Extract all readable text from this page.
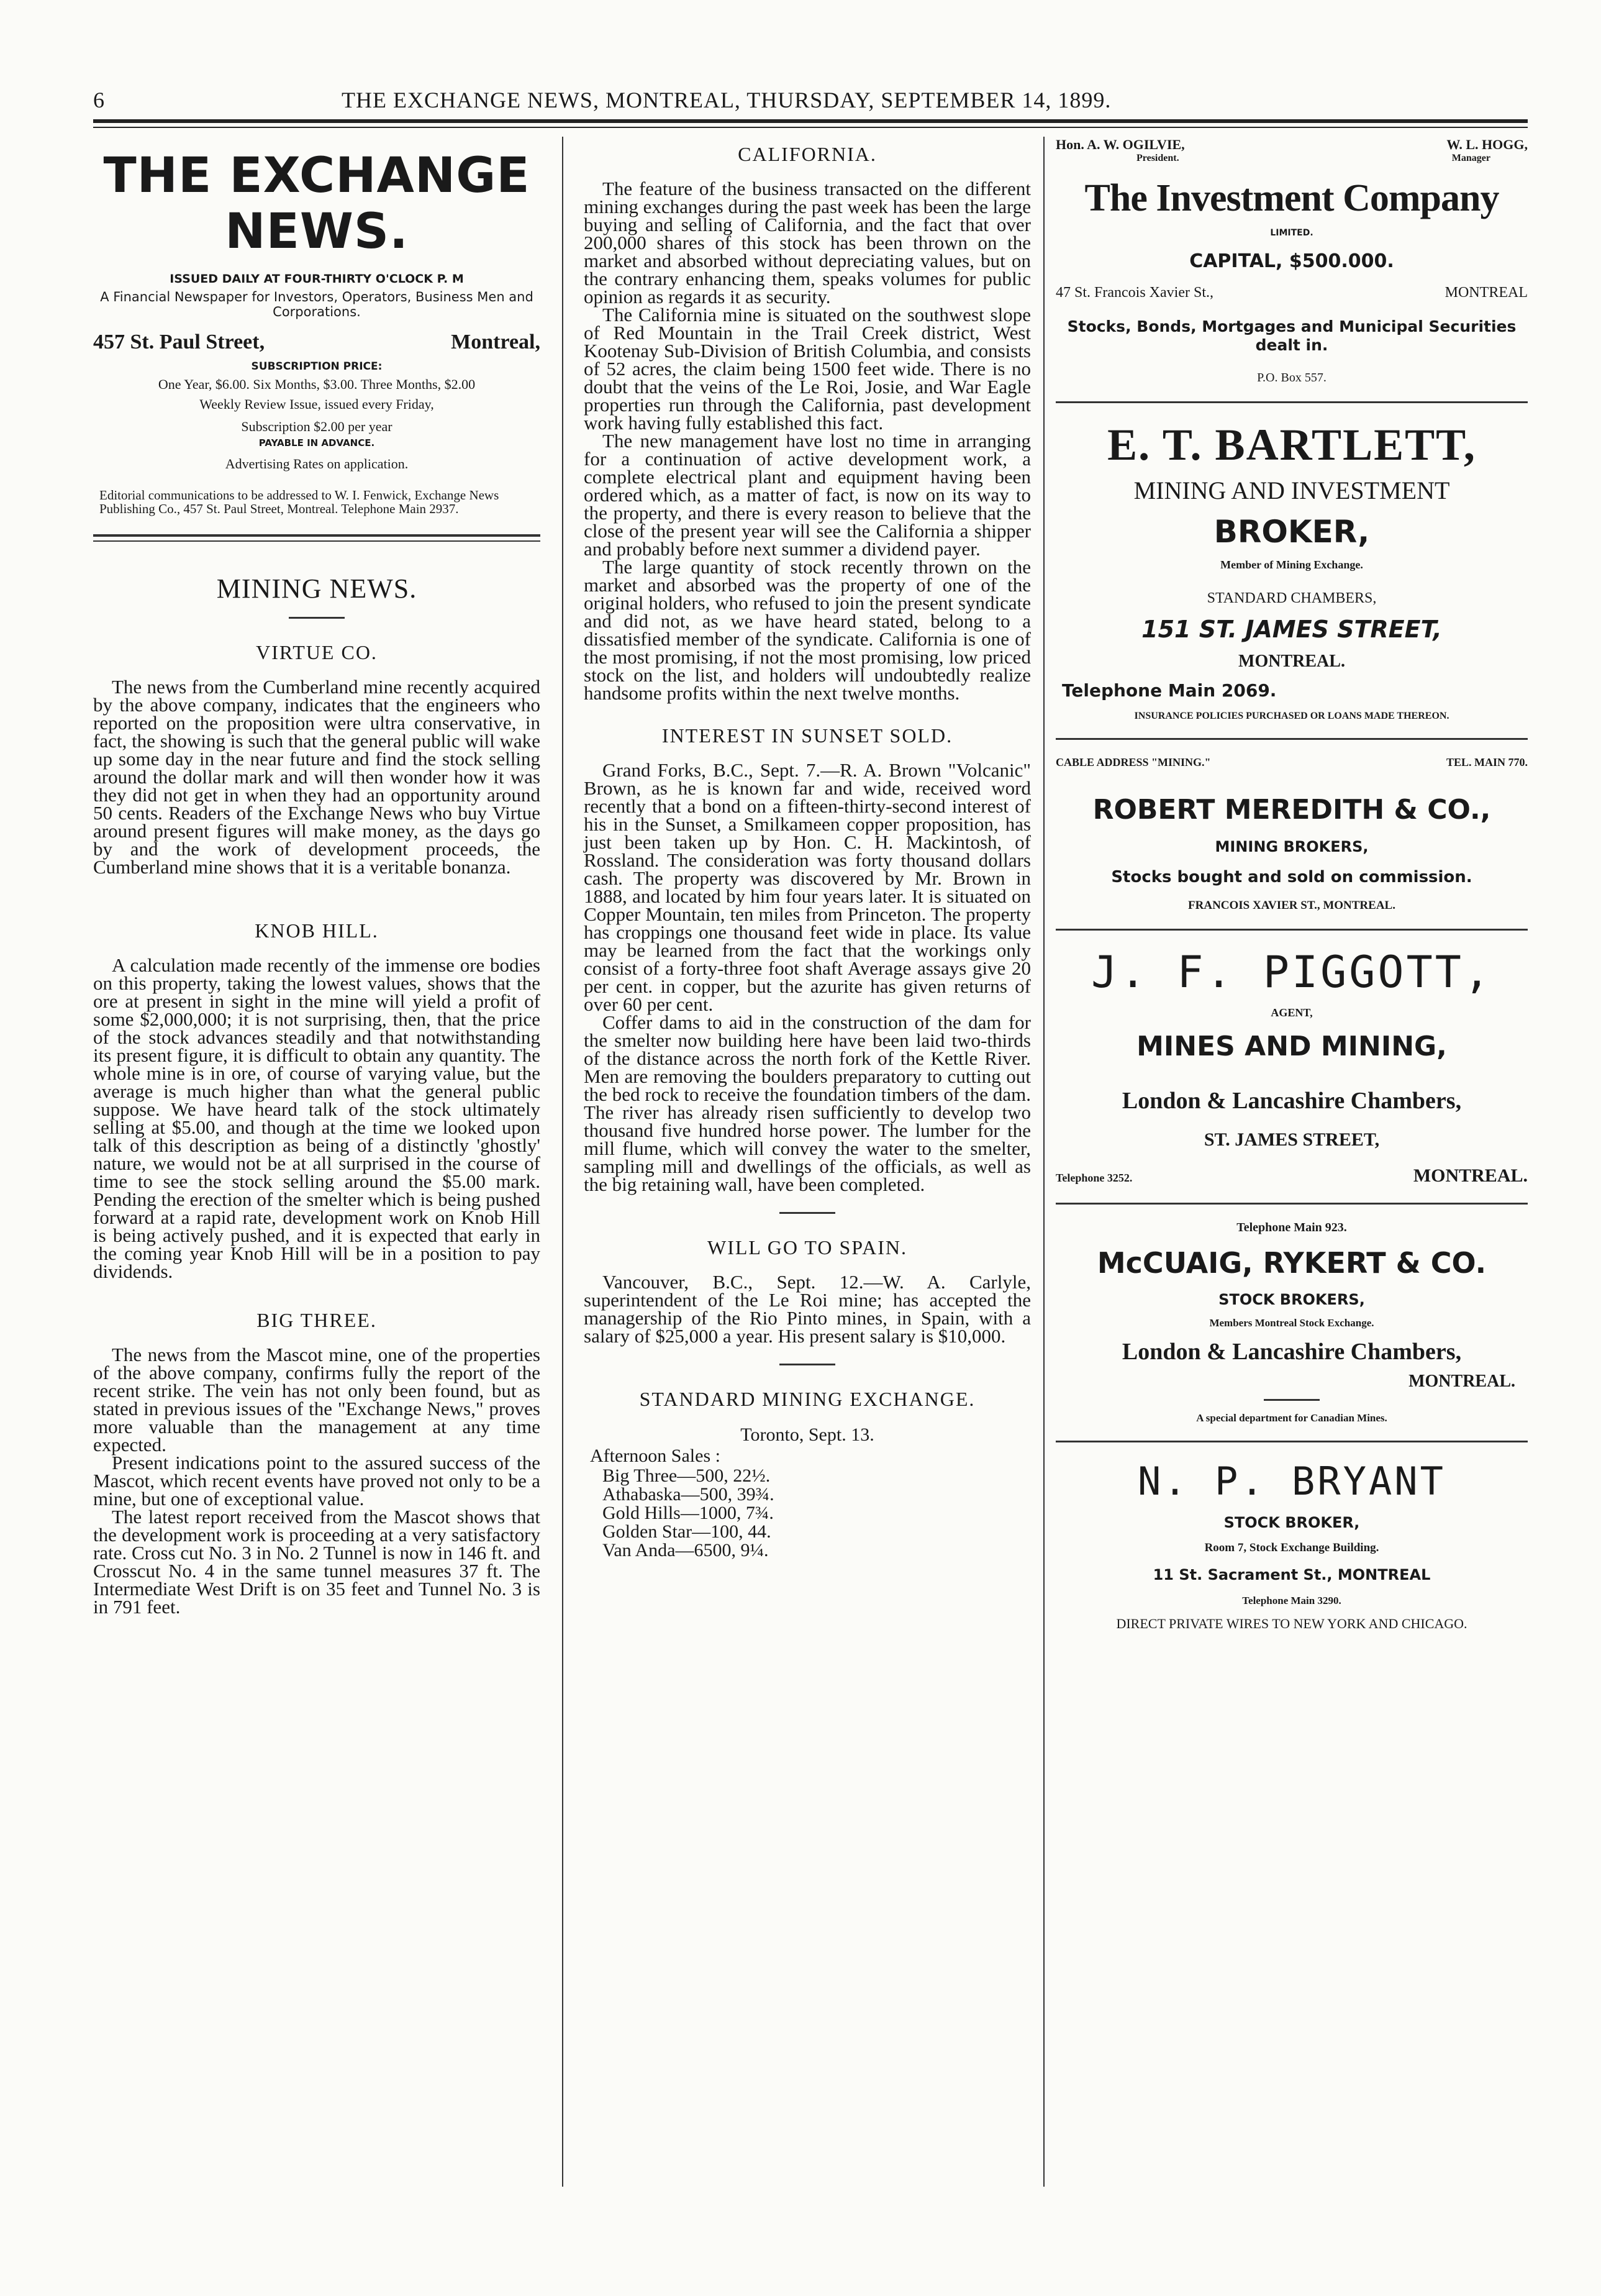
6	THE EXCHANGE NEWS, MONTREAL, THURSDAY, SEPTEMBER 14, 1899.
THE EXCHANGE NEWS.
ISSUED DAILY AT FOUR-THIRTY O'CLOCK P. M
A Financial Newspaper for Investors, Operators, Business Men and Corporations.
457 St. Paul Street,	Montreal,
SUBSCRIPTION PRICE:
One Year, $6.00. Six Months, $3.00. Three Months, $2.00
Weekly Review Issue, issued every Friday,
Subscription $2.00 per year
PAYABLE IN ADVANCE.
Advertising Rates on application.
Editorial communications to be addressed to W. I. Fenwick, Exchange News Publishing Co., 457 St. Paul Street, Montreal. Telephone Main 2937.
MINING NEWS.
VIRTUE CO.

The news from the Cumberland mine recently acquired by the above company, indicates that the engineers who reported on the proposition were ultra conservative, in fact, the showing is such that the general public will wake up some day in the near future and find the stock selling around the dollar mark and will then wonder how it was they did not get in when they had an opportunity around 50 cents. Readers of the Exchange News who buy Virtue around present figures will make money, as the days go by and the work of development proceeds, the Cumberland mine shows that it is a veritable bonanza.

KNOB HILL.

A calculation made recently of the immense ore bodies on this property, taking the lowest values, shows that the ore at present in sight in the mine will yield a profit of some $2,000,000; it is not surprising, then, that the price of the stock advances steadily and that notwithstanding its present figure, it is difficult to obtain any quantity. The whole mine is in ore, of course of varying value, but the average is much higher than what the general public suppose. We have heard talk of the stock ultimately selling at $5.00, and though at the time we looked upon talk of this description as being of a distinctly 'ghostly' nature, we would not be at all surprised in the course of time to see the stock selling around the $5.00 mark. Pending the erection of the smelter which is being pushed forward at a rapid rate, development work on Knob Hill is being actively pushed, and it is expected that early in the coming year Knob Hill will be in a position to pay dividends.

BIG THREE.

The news from the Mascot mine, one of the properties of the above company, confirms fully the report of the recent strike. The vein has not only been found, but as stated in previous issues of the "Exchange News," proves more valuable than the management at any time expected.

Present indications point to the assured success of the Mascot, which recent events have proved not only to be a mine, but one of exceptional value.

The latest report received from the Mascot shows that the development work is proceeding at a very satisfactory rate. Cross cut No. 3 in No. 2 Tunnel is now in 146 ft. and Crosscut No. 4 in the same tunnel measures 37 ft. The Intermediate West Drift is on 35 feet and Tunnel No. 3 is in 791 feet.

CALIFORNIA.

The feature of the business transacted on the different mining exchanges during the past week has been the large buying and selling of California, and the fact that over 200,000 shares of this stock has been thrown on the market and absorbed without depreciating values, but on the contrary enhancing them, speaks volumes for public opinion as regards it as security.

The California mine is situated on the southwest slope of Red Mountain in the Trail Creek district, West Kootenay Sub-Division of British Columbia, and consists of 52 acres, the claim being 1500 feet wide. There is no doubt that the veins of the Le Roi, Josie, and War Eagle properties run through the California, past development work having fully established this fact.

The new management have lost no time in arranging for a continuation of active development work, a complete electrical plant and equipment having been ordered which, as a matter of fact, is now on its way to the property, and there is every reason to believe that the close of the present year will see the California a shipper and probably before next summer a dividend payer.

The large quantity of stock recently thrown on the market and absorbed was the property of one of the original holders, who refused to join the present syndicate and did not, as we have heard stated, belong to a dissatisfied member of the syndicate. California is one of the most promising, if not the most promising, low priced stock on the list, and holders will undoubtedly realize handsome profits within the next twelve months.

INTEREST IN SUNSET SOLD.

Grand Forks, B.C., Sept. 7.—R. A. Brown "Volcanic" Brown, as he is known far and wide, received word recently that a bond on a fifteen-thirty-second interest of his in the Sunset, a Smilkameen copper proposition, has just been taken up by Hon. C. H. Mackintosh, of Rossland. The consideration was forty thousand dollars cash. The property was discovered by Mr. Brown in 1888, and located by him four years later. It is situated on Copper Mountain, ten miles from Princeton. The property has croppings one thousand feet wide in place. Its value may be learned from the fact that the workings only consist of a forty-three foot shaft Average assays give 20 per cent. in copper, but the azurite has given returns of over 60 per cent.

Coffer dams to aid in the construction of the dam for the smelter now building here have been laid two-thirds of the distance across the north fork of the Kettle River. Men are removing the boulders preparatory to cutting out the bed rock to receive the foundation timbers of the dam. The river has already risen sufficiently to develop two thousand five hundred horse power. The lumber for the mill flume, which will convey the water to the smelter, sampling mill and dwellings of the officials, as well as the big retaining wall, have been completed.

WILL GO TO SPAIN.

Vancouver, B.C., Sept. 12.—W. A. Carlyle, superintendent of the Le Roi mine; has accepted the managership of the Rio Pinto mines, in Spain, with a salary of $25,000 a year. His present salary is $10,000.

STANDARD MINING EXCHANGE.
Toronto, Sept. 13.
Afternoon Sales :
Big Three—500, 22½.
Athabaska—500, 39¾.
Gold Hills—1000, 7¾.
Golden Star—100, 44.
Van Anda—6500, 9¼.
Hon. A. W. OGILVIE,	W. L. HOGG,
President.	Manager
The Investment Company
LIMITED.
CAPITAL, $500.000.
47 St. Francois Xavier St.,	MONTREAL
Stocks, Bonds, Mortgages and Municipal Securities dealt in.
P.O. Box 557.
E. T. BARTLETT,
MINING AND INVESTMENT
BROKER,
Member of Mining Exchange.
STANDARD CHAMBERS,
151 ST. JAMES STREET,
MONTREAL.
Telephone Main 2069.
INSURANCE POLICIES PURCHASED OR LOANS MADE THEREON.
CABLE ADDRESS "MINING."	TEL. MAIN 770.
ROBERT MEREDITH & CO.,
MINING BROKERS,
Stocks bought and sold on commission.
FRANCOIS XAVIER ST., MONTREAL.
J. F. PIGGOTT,
AGENT,
MINES AND MINING,
London & Lancashire Chambers,
ST. JAMES STREET,
Telephone 3252.	MONTREAL.
Telephone Main 923.
McCUAIG, RYKERT & CO.
STOCK BROKERS,
Members Montreal Stock Exchange.
London & Lancashire Chambers,
MONTREAL.
A special department for Canadian Mines.
N. P. BRYANT
STOCK BROKER,
Room 7, Stock Exchange Building.
11 St. Sacrament St., MONTREAL
Telephone Main 3290.
DIRECT PRIVATE WIRES TO NEW YORK AND CHICAGO.
